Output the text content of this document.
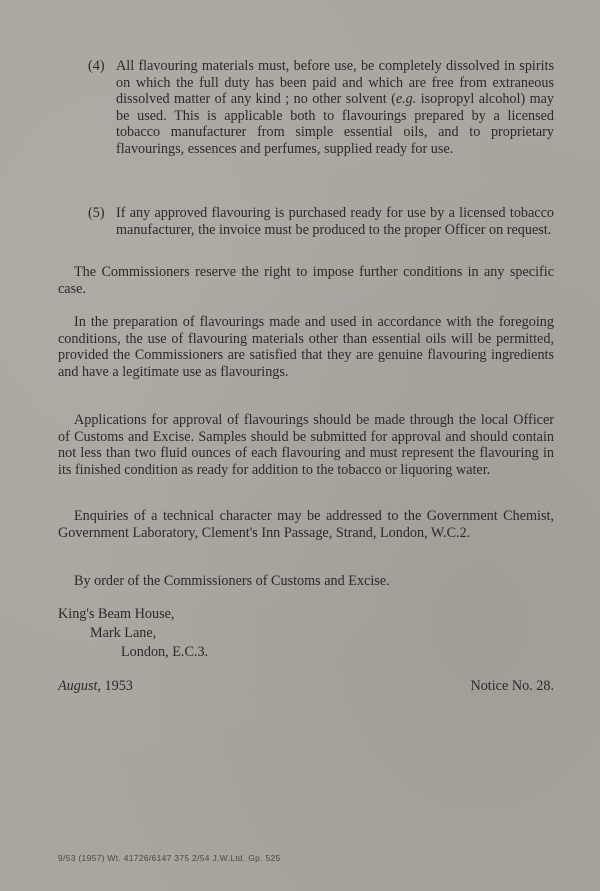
(4) All flavouring materials must, before use, be completely dissolved in spirits on which the full duty has been paid and which are free from extraneous dissolved matter of any kind ; no other solvent (e.g. isopropyl alcohol) may be used. This is applicable both to flavourings prepared by a licensed tobacco manufacturer from simple essential oils, and to proprietary flavourings, essences and perfumes, supplied ready for use.
(5) If any approved flavouring is purchased ready for use by a licensed tobacco manufacturer, the invoice must be produced to the proper Officer on request.
The Commissioners reserve the right to impose further conditions in any specific case.
In the preparation of flavourings made and used in accordance with the foregoing conditions, the use of flavouring materials other than essential oils will be permitted, provided the Commissioners are satisfied that they are genuine flavouring ingredients and have a legitimate use as flavourings.
Applications for approval of flavourings should be made through the local Officer of Customs and Excise. Samples should be submitted for approval and should contain not less than two fluid ounces of each flavouring and must represent the flavouring in its finished condition as ready for addition to the tobacco or liquoring water.
Enquiries of a technical character may be addressed to the Government Chemist, Government Laboratory, Clement's Inn Passage, Strand, London, W.C.2.
By order of the Commissioners of Customs and Excise.
King's Beam House,
Mark Lane,
London, E.C.3.
August, 1953	Notice No. 28.
9/53 (1957) Wt. 41726/6147 375 2/54 J.W.Ltd. Gp. 525
